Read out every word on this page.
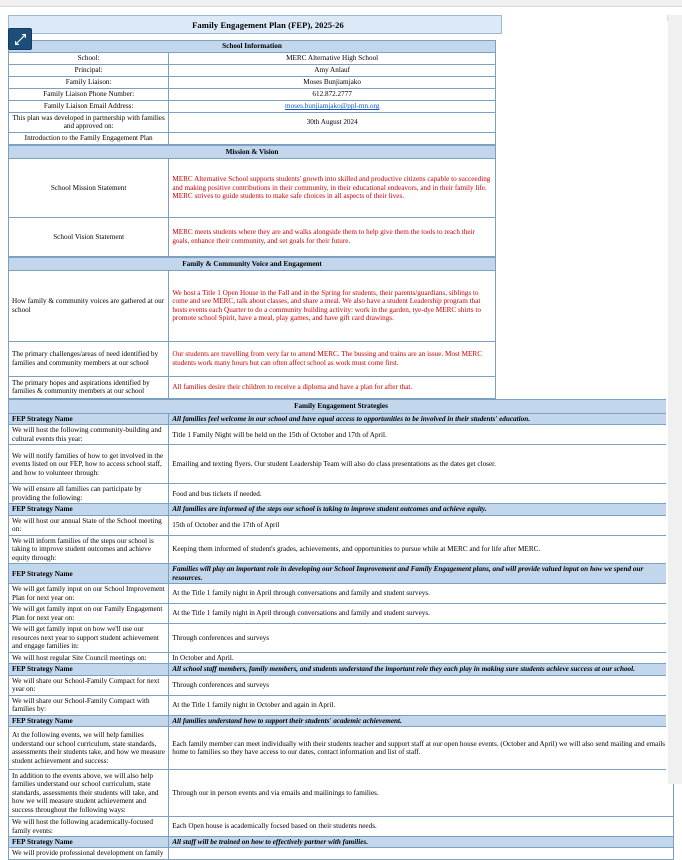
Family Engagement Plan (FEP), 2025-26
School Information	
School:	MERC Alternative High School
Principal:	Amy Anlauf
Family Liaison:	Moses Bunjiamjako
Family Liaison Phone Number:	612.872.2777
Family Liaison Email Address:	moses.bunjiamjako@ppl-mn.org
This plan was developed in partnership with families and approved on:	30th August 2024
Introduction to the Family Engagement Plan	
Mission & Vision	
School Mission Statement	MERC Alternative School supports students' growth into skilled and productive citizens capable to succeeding and making positive contributions in their community, in their educational endeavors, and in their family life. MERC strives to guide students to make safe choices in all aspects of their lives.
School Vision Statement	MERC meets students where they are and walks alongside them to help give them the tools to reach their goals, enhance their community, and set goals for their future.
Family & Community Voice and Engagement	
How family & community voices are gathered at our school	We host a Title 1 Open House in the Fall and in the Spring for students, their parents/guardians, siblings to come and see MERC, talk about classes, and share a meal. We also have a student Leadership program that hosts events each Quarter to do a community building activity: work in the garden, tye-dye MERC shirts to promote school Spirit, have a meal, play games, and have gift card drawings.
The primary challenges/areas of need identified by families and community members at our school	Our students are travelling from very far to attend MERC. The bussing and trains are an issue. Most MERC students work many hours but can often affect school as work must come first.
The primary hopes and aspirations identified by families & community members at our school	All families desire their children to receive a diploma and have a plan for after that.
Family Engagement Strategies	
FEP Strategy Name	All families feel welcome in our school and have equal access to opportunities to be involved in their students' education.
We will host the following community-building and cultural events this year:	Title 1 Family Night will be held on the 15th of October and 17th of April.
We will notify families of how to get involved in the events listed on our FEP, how to access school staff, and how to volunteer through:	Emailing and texting flyers. Our student Leadership Team will also do class presentations as the dates get closer.
We will ensure all families can participate by providing the following:	Food and bus tickets if needed.
FEP Strategy Name	All families are informed of the steps our school is taking to improve student outcomes and achieve equity.
We will host our annual State of the School meeting on:	15th of October and the 17th of April
We will inform families of the steps our school is taking to improve student outcomes and achieve equity through:	Keeping them informed of student's grades, achievements, and opportunities to pursue while at MERC and for life after MERC.
FEP Strategy Name	Families will play an important role in developing our School Improvement and Family Engagement plans, and will provide valued input on how we spend our resources.
We will get family input on our School Improvement Plan for next year on:	At the Title 1 family night in April through conversations and family and student surveys.
We will get family input on our Family Engagement Plan for next year on:	At the Title 1 family night in April through conversations and family and student surveys.
We will get family input on how we'll use our resources next year to support student achievement and engage families in:	Through conferences and surveys
We will host regular Site Council meetings on:	In October and April.
FEP Strategy Name	All school staff members, family members, and students understand the important role they each play in making sure students achieve success at our school.
We will share our School-Family Compact for next year on:	Through conferences and surveys
We will share our School-Family Compact with families by:	At the Title 1 family night in October and again in April.
FEP Strategy Name	All families understand how to support their students' academic achievement.
At the following events, we will help families understand our school curriculum, state standards, assessments their students take, and how we measure student achievement and success:	Each family member can meet individually with their students teacher and support staff at our open house events. (October and April) we will also send mailing and emails home to families so they have access to our dates, contact information and list of staff.
In addition to the events above, we will also help families understand our school curriculum, state standards, assessments their students will take, and how we will measure student achievement and success throughout the following ways:	Through our in person events and via emails and mailinings to families.
We will host the following academically-focused family events:	Each Open house is academically focsed based on their students needs.
FEP Strategy Name	All staff will be trained on how to effectively partner with families.
We will provide professional development on family	
